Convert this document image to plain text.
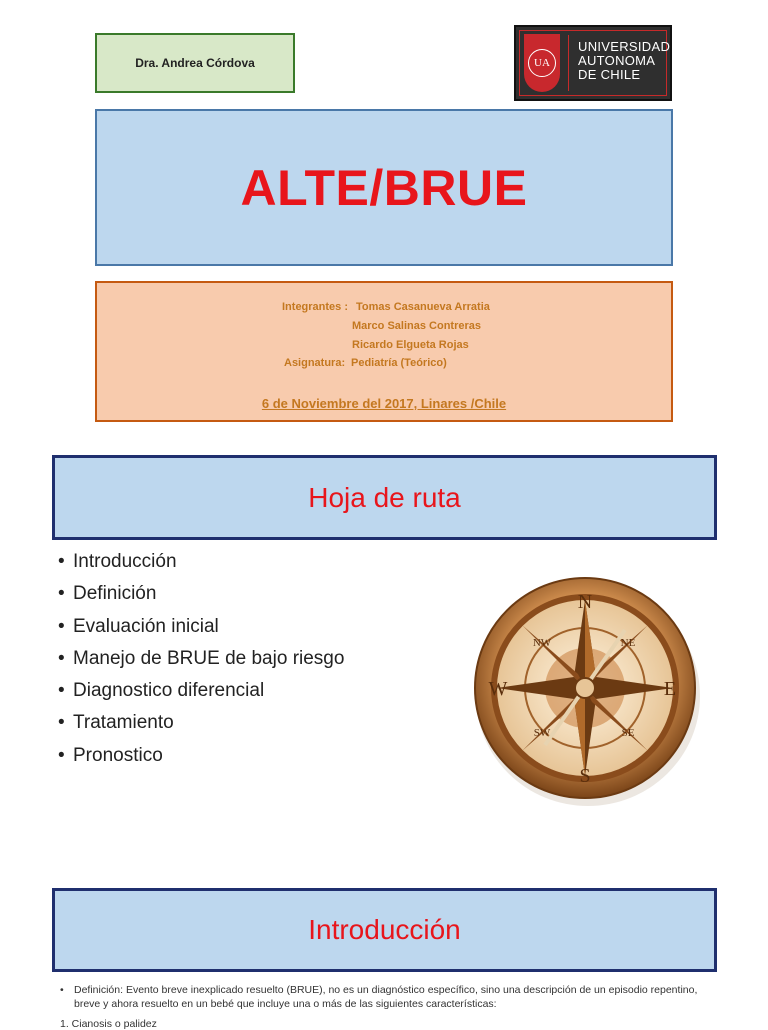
Dra. Andrea Córdova	UA
UNIVERSIDAD
AUTONOMA
DE CHILE
ALTE/BRUE
Integrantes : Tomas Casanueva Arratia
Marco Salinas Contreras
Ricardo Elgueta Rojas
Asignatura: Pediatría (Teórico)
6 de Noviembre del 2017, Linares /Chile
Hoja de ruta
• Introducción
• Definición
• Evaluación inicial
• Manejo de BRUE de bajo riesgo
• Diagnostico diferencial
• Tratamiento
• Pronostico
N
S
W	E
NW	NE
SW	SE
Introducción
• Definición: Evento breve inexplicado resuelto (BRUE), no es un diagnóstico específico, sino una descripción de un episodio repentino, breve y ahora resuelto en un bebé que incluye una o más de las siguientes características:
1. Cianosis o palidez
